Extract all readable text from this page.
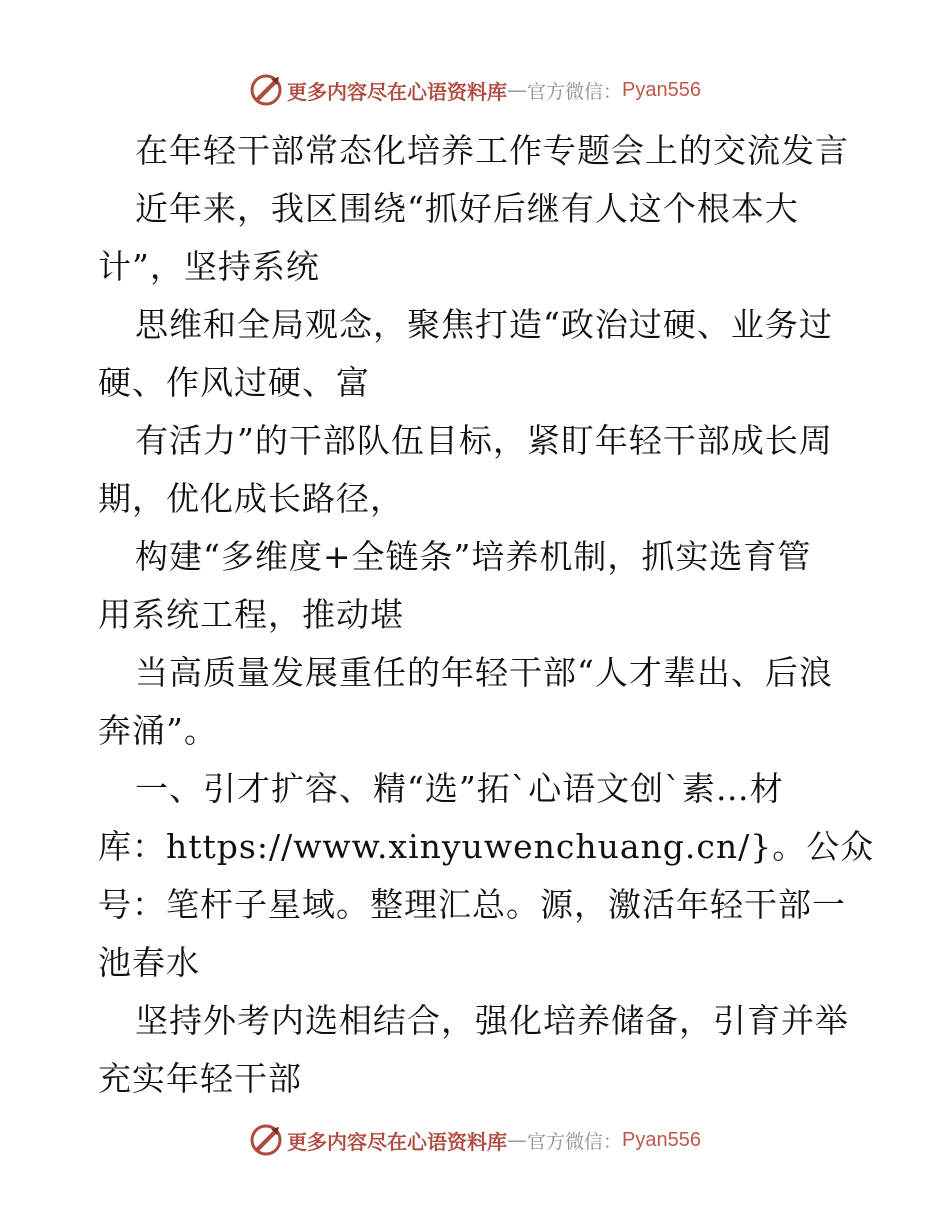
更多内容尽在心语资料库 — 官方微信： Pyan556
在年轻干部常态化培养工作专题会上的交流发言
近年来，我区围绕“抓好后继有人这个根本大
计”，坚持系统
思维和全局观念，聚焦打造“政治过硬、业务过
硬、作风过硬、富
有活力”的干部队伍目标，紧盯年轻干部成长周
期，优化成长路径，
构建“多维度+全链条”培养机制，抓实选育管
用系统工程，推动堪
当高质量发展重任的年轻干部“人才辈出、后浪
奔涌”。
一、引才扩容、精“选”拓`心语文创`素…材
库：https://www.xinyuwenchuang.cn/}。公众
号：笔杆子星域。整理汇总。源，激活年轻干部一
池春水
坚持外考内选相结合，强化培养储备，引育并举
充实年轻干部
更多内容尽在心语资料库 — 官方微信： Pyan556
